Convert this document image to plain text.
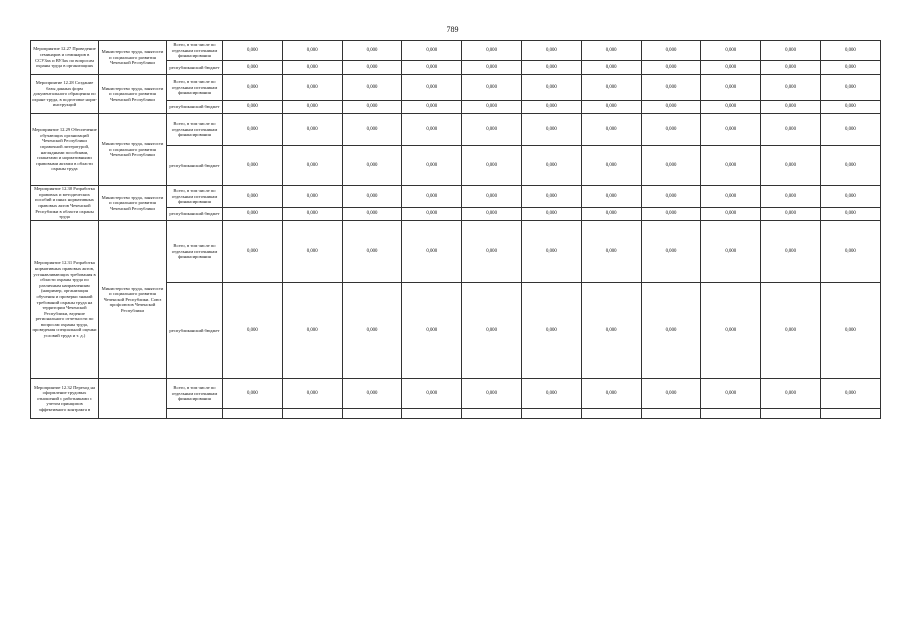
789
Мероприятие 12.27 Проведение семинаров и семинаров в ССУЗах и ВУЗах по вопросам охраны труда в организациях	Министерство труда, занятости и социального развития Чеченской Республики	Всего, в том числе по отдельным источникам финансирования	0,000	0,000	0,000	0,000	0,000	0,000	0,000	0,000	0,000	0,000	0,000
		республиканский бюджет	0,000	0,000	0,000	0,000	0,000	0,000	0,000	0,000	0,000	0,000	0,000
Мероприятие 12.28 Создание базы данных форм документального обращения по охране труда, в подготовке норм-инструкций	Министерство труда, занятости и социального развития Чеченской Республики	Всего, в том числе по отдельным источникам финансирования	0,000	0,000	0,000	0,000	0,000	0,000	0,000	0,000	0,000	0,000	0,000
		республиканский бюджет	0,000	0,000	0,000	0,000	0,000	0,000	0,000	0,000	0,000	0,000	0,000
Мероприятие 12.29 Обеспечение обучающих организаций Чеченской Республики справочной литературой, наглядными пособиями, плакатами и нормативными правовыми актами в области охраны труда	Министерство труда, занятости и социального развития Чеченской Республики	Всего, в том числе по отдельным источникам финансирования	0,000	0,000	0,000	0,000	0,000	0,000	0,000	0,000	0,000	0,000	0,000
		республиканский бюджет	0,000	0,000	0,000	0,000	0,000	0,000	0,000	0,000	0,000	0,000	0,000
Мероприятие 12.30 Разработка правовых и методических пособий и иных нормативных правовых актов Чеченской Республики в области охраны труда	Министерство труда, занятости и социального развития Чеченской Республики	Всего, в том числе по отдельным источникам финансирования	0,000	0,000	0,000	0,000	0,000	0,000	0,000	0,000	0,000	0,000	0,000
		республиканский бюджет	0,000	0,000	0,000	0,000	0,000	0,000	0,000	0,000	0,000	0,000	0,000
Мероприятие 12.31 Разработка нормативных правовых актов, устанавливающих требования в области охраны труда по различным направлениям (например, организация обучения и проверки знаний требований охраны труда на территории Чеченской Республики, ведение регионального отчетности по вопросам охраны труда, проведения специальной оценки условий труда и т. д.)	Министерство труда, занятости и социального развития Чеченской Республики. Союз профсоюзов Чеченской Республики	Всего, в том числе по отдельным источникам финансирования	0,000	0,000	0,000	0,000	0,000	0,000	0,000	0,000	0,000	0,000	0,000
		республиканский бюджет	0,000	0,000	0,000	0,000	0,000	0,000	0,000	0,000	0,000	0,000	0,000
Мероприятие 12.32 Переход на оформление трудовых отношений с работниками с учетом принципов эффективного контракта в		Всего, в том числе по отдельным источникам финансирования	0,000	0,000	0,000	0,000	0,000	0,000	0,000	0,000	0,000	0,000	0,000
